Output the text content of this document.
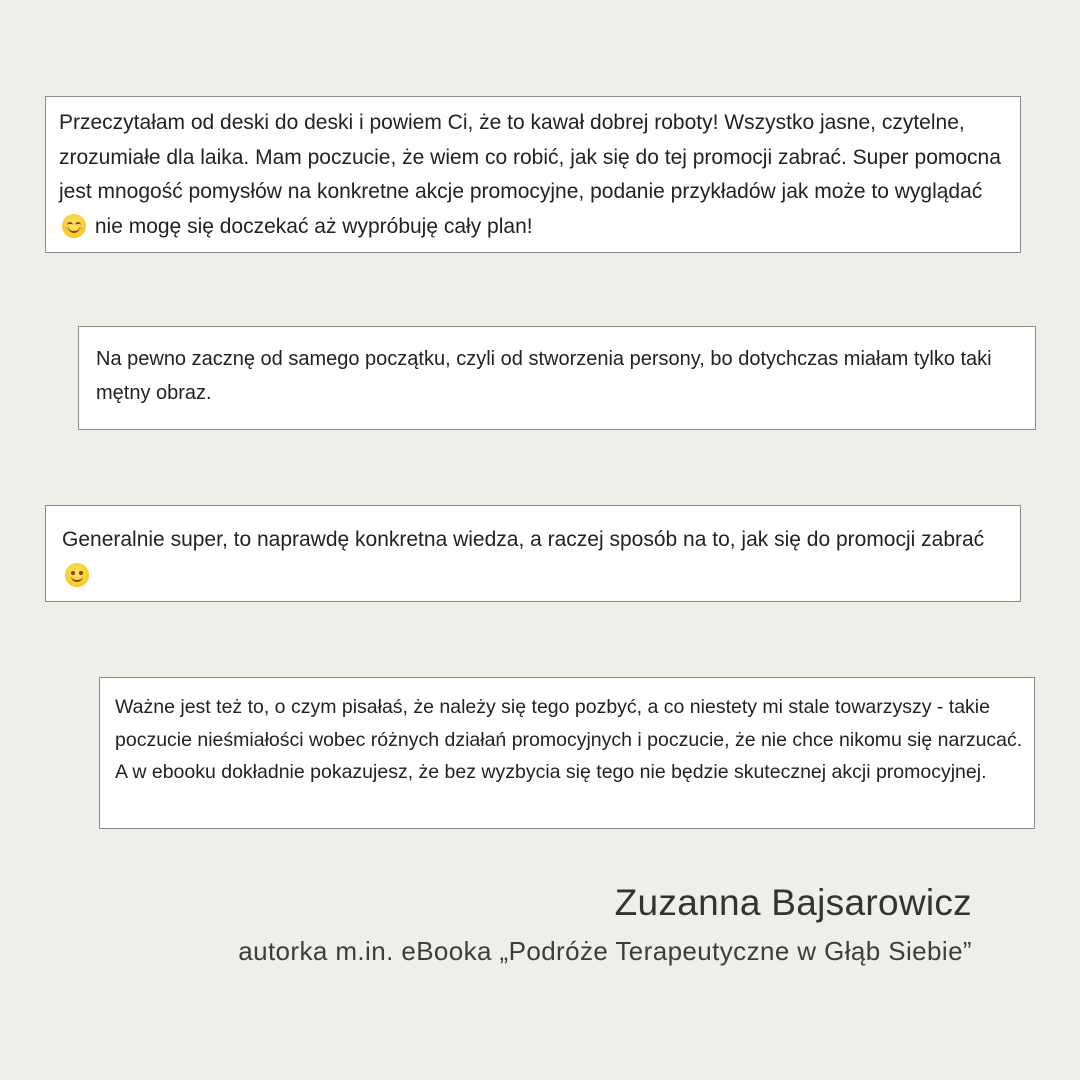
Przeczytałam od deski do deski i powiem Ci, że to kawał dobrej roboty! Wszystko jasne, czytelne, zrozumiałe dla laika. Mam poczucie, że wiem co robić, jak się do tej promocji zabrać. Super pomocna jest mnogość pomysłów na konkretne akcje promocyjne, podanie przykładów jak może to wyglądać
nie mogę się doczekać aż wypróbuję cały plan!

Na pewno zacznę od samego początku, czyli od stworzenia persony, bo dotychczas miałam tylko taki mętny obraz.

Generalnie super, to naprawdę konkretna wiedza, a raczej sposób na to, jak się do promocji zabrać

Ważne jest też to, o czym pisałaś, że należy się tego pozbyć, a co niestety mi stale towarzyszy - takie poczucie nieśmiałości wobec różnych działań promocyjnych i poczucie, że nie chce nikomu się narzucać. A w ebooku dokładnie pokazujesz, że bez wyzbycia się tego nie będzie skutecznej akcji promocyjnej.

Zuzanna Bajsarowicz

autorka m.in. eBooka „Podróże Terapeutyczne w Głąb Siebie”
